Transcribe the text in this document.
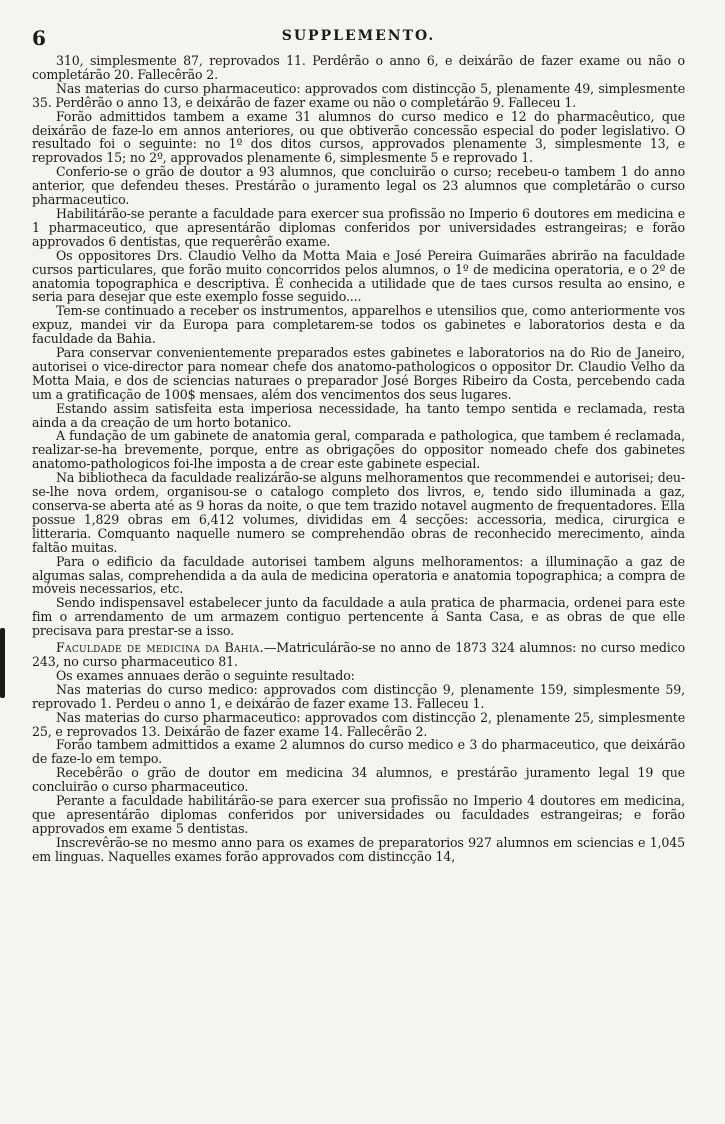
6	SUPPLEMENTO.

310, simplesmente 87, reprovados 11. Perdêrão o anno 6, e deixárão de fazer exame ou não o completárão 20. Fallecêrão 2.

Nas materias do curso pharmaceutico: approvados com distincção 5, plenamente 49, simplesmente 35. Perdêrão o anno 13, e deixárão de fazer exame ou não o completárão 9. Falleceu 1.

Forão admittidos tambem a exame 31 alumnos do curso medico e 12 do pharmacêutico, que deixárão de faze-lo em annos anteriores, ou que obtiverão concessão especial do poder legislativo. O resultado foi o seguinte: no 1º dos ditos cursos, approvados plenamente 3, simplesmente 13, e reprovados 15; no 2º, approvados plenamente 6, simplesmente 5 e reprovado 1.

Conferio-se o grão de doutor a 93 alumnos, que concluirão o curso; recebeu-o tambem 1 do anno anterior, que defendeu theses. Prestárão o juramento legal os 23 alumnos que completárão o curso pharmaceutico.

Habilitárão-se perante a faculdade para exercer sua profissão no Imperio 6 doutores em medicina e 1 pharmaceutico, que apresentárão diplomas conferidos por universidades estrangeiras; e forão approvados 6 dentistas, que requerêrão exame.

Os oppositores Drs. Claudio Velho da Motta Maia e José Pereira Guimarães abrirão na faculdade cursos particulares, que forão muito concorridos pelos alumnos, o 1º de medicina operatoria, e o 2º de anatomia topographica e descriptiva. É conhecida a utilidade que de taes cursos resulta ao ensino, e seria para desejar que este exemplo fosse seguido....

Tem-se continuado a receber os instrumentos, apparelhos e utensilios que, como anteriormente vos expuz, mandei vir da Europa para completarem-se todos os gabinetes e laboratorios desta e da faculdade da Bahia.

Para conservar convenientemente preparados estes gabinetes e laboratorios na do Rio de Janeiro, autorisei o vice-director para nomear chefe dos anatomo-pathologicos o oppositor Dr. Claudio Velho da Motta Maia, e dos de sciencias naturaes o preparador José Borges Ribeiro da Costa, percebendo cada um a gratificação de 100$ mensaes, além dos vencimentos dos seus lugares.

Estando assim satisfeita esta imperiosa necessidade, ha tanto tempo sentida e reclamada, resta ainda a da creação de um horto botanico.

A fundação de um gabinete de anatomia geral, comparada e pathologica, que tambem é reclamada, realizar-se-ha brevemente, porque, entre as obrigações do oppositor nomeado chefe dos gabinetes anatomo-pathologicos foi-lhe imposta a de crear este gabinete especial.

Na bibliotheca da faculdade realizárão-se alguns melhoramentos que recommendei e autorisei; deu-se-lhe nova ordem, organisou-se o catalogo completo dos livros, e, tendo sido illuminada a gaz, conserva-se aberta até as 9 horas da noite, o que tem trazido notavel augmento de frequentadores. Ella possue 1,829 obras em 6,412 volumes, divididas em 4 secções: accessoria, medica, cirurgica e litteraria. Comquanto naquelle numero se comprehendão obras de reconhecido merecimento, ainda faltão muitas.

Para o edificio da faculdade autorisei tambem alguns melhoramentos: a illuminação a gaz de algumas salas, comprehendida a da aula de medicina operatoria e anatomia topographica; a compra de móveis necessarios, etc.

Sendo indispensavel estabelecer junto da faculdade a aula pratica de pharmacia, ordenei para este fim o arrendamento de um armazem contiguo pertencente á Santa Casa, e as obras de que elle precisava para prestar-se a isso.

Faculdade de medicina da Bahia.—Matriculárão-se no anno de 1873 324 alumnos: no curso medico 243, no curso pharmaceutico 81.

Os exames annuaes derão o seguinte resultado:

Nas materias do curso medico: approvados com distincção 9, plenamente 159, simplesmente 59, reprovado 1. Perdeu o anno 1, e deixárão de fazer exame 13. Falleceu 1.

Nas materias do curso pharmaceutico: approvados com distincção 2, plenamente 25, simplesmente 25, e reprovados 13. Deixárão de fazer exame 14. Fallecêrão 2.

Forão tambem admittidos a exame 2 alumnos do curso medico e 3 do pharmaceutico, que deixárão de faze-lo em tempo.

Recebêrão o grão de doutor em medicina 34 alumnos, e prestárão juramento legal 19 que concluirão o curso pharmaceutico.

Perante a faculdade habilitárão-se para exercer sua profissão no Imperio 4 doutores em medicina, que apresentárão diplomas conferidos por universidades ou faculdades estrangeiras; e forão approvados em exame 5 dentistas.

Inscrevêrão-se no mesmo anno para os exames de preparatorios 927 alumnos em sciencias e 1,045 em linguas. Naquelles exames forão approvados com distincção 14,
